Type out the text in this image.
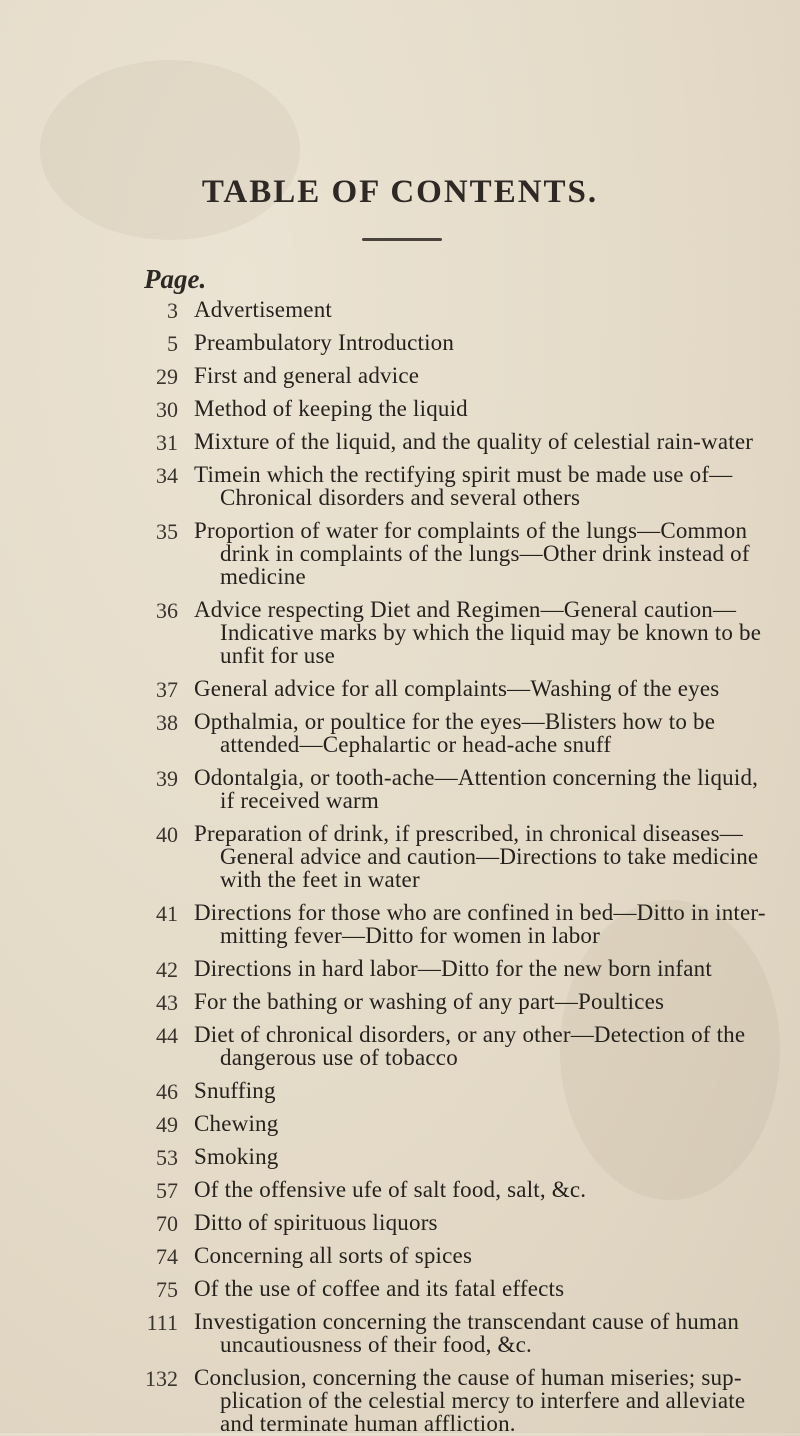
TABLE OF CONTENTS.
Page.
3 Advertisement
5 Preambulatory Introduction
29 First and general advice
30 Method of keeping the liquid
31 Mixture of the liquid, and the quality of celestial rain-water
34 Timein which the rectifying spirit must be made use of—
Chronical disorders and several others
35 Proportion of water for complaints of the lungs—Common
drink in complaints of the lungs—Other drink instead of
medicine
36 Advice respecting Diet and Regimen—General caution—
Indicative marks by which the liquid may be known to be
unfit for use
37 General advice for all complaints—Washing of the eyes
38 Opthalmia, or poultice for the eyes—Blisters how to be
attended—Cephalartic or head-ache snuff
39 Odontalgia, or tooth-ache—Attention concerning the liquid,
if received warm
40 Preparation of drink, if prescribed, in chronical diseases—
General advice and caution—Directions to take medicine
with the feet in water
41 Directions for those who are confined in bed—Ditto in inter-
mitting fever—Ditto for women in labor
42 Directions in hard labor—Ditto for the new born infant
43 For the bathing or washing of any part—Poultices
44 Diet of chronical disorders, or any other—Detection of the
dangerous use of tobacco
46 Snuffing
49 Chewing
53 Smoking
57 Of the offensive ufe of salt food, salt, &c.
70 Ditto of spirituous liquors
74 Concerning all sorts of spices
75 Of the use of coffee and its fatal effects
111 Investigation concerning the transcendant cause of human
uncautiousness of their food, &c.
132 Conclusion, concerning the cause of human miseries; sup-
plication of the celestial mercy to interfere and alleviate
and terminate human affliction.
